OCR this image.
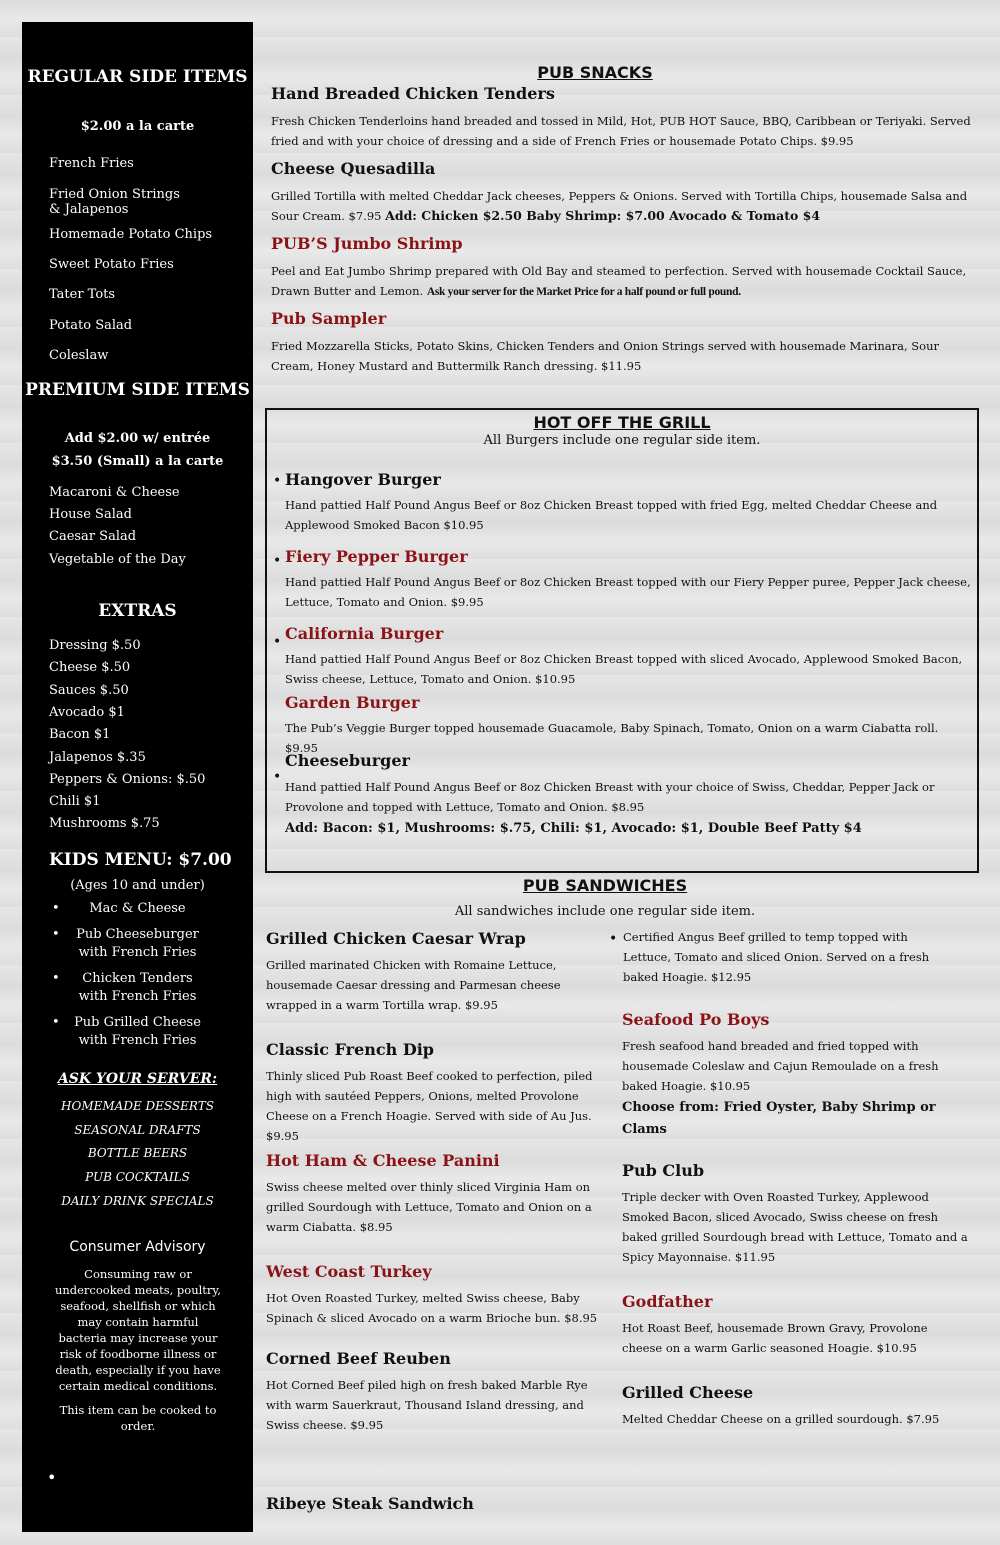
REGULAR SIDE ITEMS
$2.00 a la carte
French Fries
Fried Onion Strings & Jalapenos
Homemade Potato Chips
Sweet Potato Fries
Tater Tots
Potato Salad
Coleslaw
PREMIUM SIDE ITEMS
Add $2.00 w/ entrée
$3.50 (Small) a la carte
Macaroni & Cheese
House Salad
Caesar Salad
Vegetable of the Day
EXTRAS
Dressing $.50
Cheese $.50
Sauces $.50
Avocado $1
Bacon $1
Jalapenos $.35
Peppers & Onions: $.50
Chili $1
Mushrooms $.75
KIDS MENU: $7.00
(Ages 10 and under)
• Mac & Cheese
• Pub Cheeseburger with French Fries
• Chicken Tenders with French Fries
• Pub Grilled Cheese with French Fries
ASK YOUR SERVER:
HOMEMADE DESSERTS
SEASONAL DRAFTS
BOTTLE BEERS
PUB COCKTAILS
DAILY DRINK SPECIALS
Consumer Advisory
Consuming raw or undercooked meats, poultry, seafood, shellfish or which may contain harmful bacteria may increase your risk of foodborne illness or death, especially if you have certain medical conditions.
This item can be cooked to order.
•
PUB SNACKS
Hand Breaded Chicken Tenders
Fresh Chicken Tenderloins hand breaded and tossed in Mild, Hot, PUB HOT Sauce, BBQ, Caribbean or Teriyaki. Served fried and with your choice of dressing and a side of French Fries or housemade Potato Chips. $9.95
Cheese Quesadilla
Grilled Tortilla with melted Cheddar Jack cheeses, Peppers & Onions. Served with Tortilla Chips, housemade Salsa and Sour Cream. $7.95 Add: Chicken $2.50 Baby Shrimp: $7.00 Avocado & Tomato $4
PUB’S Jumbo Shrimp
Peel and Eat Jumbo Shrimp prepared with Old Bay and steamed to perfection. Served with housemade Cocktail Sauce, Drawn Butter and Lemon. Ask your server for the Market Price for a half pound or full pound.
Pub Sampler
Fried Mozzarella Sticks, Potato Skins, Chicken Tenders and Onion Strings served with housemade Marinara, Sour Cream, Honey Mustard and Buttermilk Ranch dressing. $11.95
HOT OFF THE GRILL
All Burgers include one regular side item.
• Hangover Burger
Hand pattied Half Pound Angus Beef or 8oz Chicken Breast topped with fried Egg, melted Cheddar Cheese and Applewood Smoked Bacon $10.95
• Fiery Pepper Burger
Hand pattied Half Pound Angus Beef or 8oz Chicken Breast topped with our Fiery Pepper puree, Pepper Jack cheese, Lettuce, Tomato and Onion. $9.95
• California Burger
Hand pattied Half Pound Angus Beef or 8oz Chicken Breast topped with sliced Avocado, Applewood Smoked Bacon, Swiss cheese, Lettuce, Tomato and Onion. $10.95
Garden Burger
The Pub’s Veggie Burger topped housemade Guacamole, Baby Spinach, Tomato, Onion on a warm Ciabatta roll. $9.95
•
Cheeseburger
Hand pattied Half Pound Angus Beef or 8oz Chicken Breast with your choice of Swiss, Cheddar, Pepper Jack or Provolone and topped with Lettuce, Tomato and Onion. $8.95
Add: Bacon: $1, Mushrooms: $.75, Chili: $1, Avocado: $1, Double Beef Patty $4
PUB SANDWICHES
All sandwiches include one regular side item.
Grilled Chicken Caesar Wrap
Grilled marinated Chicken with Romaine Lettuce, housemade Caesar dressing and Parmesan cheese wrapped in a warm Tortilla wrap. $9.95
Classic French Dip
Thinly sliced Pub Roast Beef cooked to perfection, piled high with sautéed Peppers, Onions, melted Provolone Cheese on a French Hoagie. Served with side of Au Jus. $9.95
Hot Ham & Cheese Panini
Swiss cheese melted over thinly sliced Virginia Ham on grilled Sourdough with Lettuce, Tomato and Onion on a warm Ciabatta. $8.95
West Coast Turkey
Hot Oven Roasted Turkey, melted Swiss cheese, Baby Spinach & sliced Avocado on a warm Brioche bun. $8.95
Corned Beef Reuben
Hot Corned Beef piled high on fresh baked Marble Rye with warm Sauerkraut, Thousand Island dressing, and Swiss cheese. $9.95
Ribeye Steak Sandwich
• Certified Angus Beef grilled to temp topped with Lettuce, Tomato and sliced Onion. Served on a fresh baked Hoagie. $12.95
Seafood Po Boys
Fresh seafood hand breaded and fried topped with housemade Coleslaw and Cajun Remoulade on a fresh baked Hoagie. $10.95
Choose from: Fried Oyster, Baby Shrimp or Clams
Pub Club
Triple decker with Oven Roasted Turkey, Applewood Smoked Bacon, sliced Avocado, Swiss cheese on fresh baked grilled Sourdough bread with Lettuce, Tomato and a Spicy Mayonnaise. $11.95
Godfather
Hot Roast Beef, housemade Brown Gravy, Provolone cheese on a warm Garlic seasoned Hoagie. $10.95
Grilled Cheese
Melted Cheddar Cheese on a grilled sourdough. $7.95
